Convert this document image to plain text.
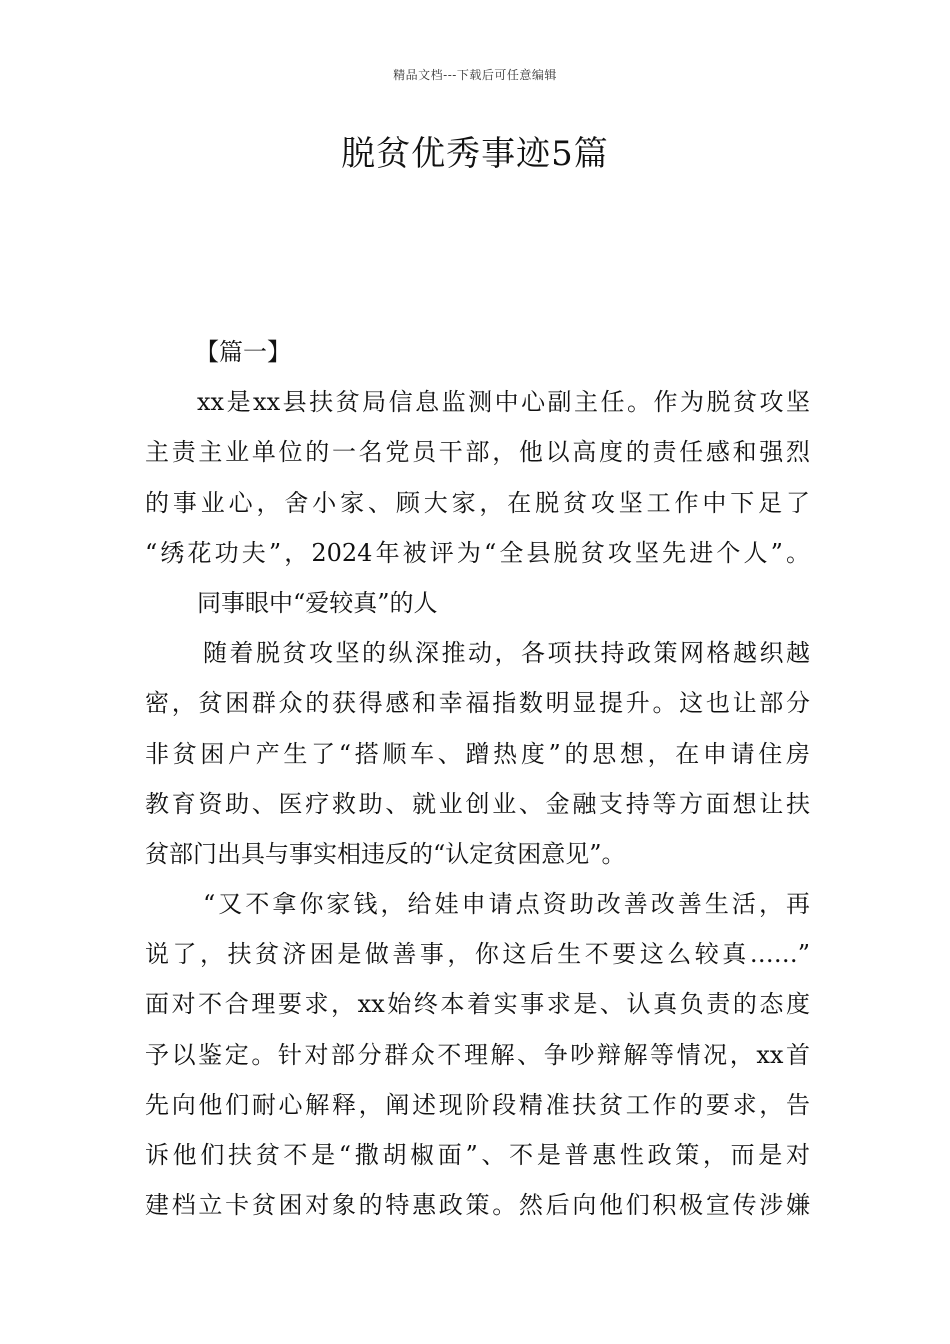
精品文档---下载后可任意编辑
脱贫优秀事迹5篇
【篇一】
xx是xx县扶贫局信息监测中心副主任。作为脱贫攻坚
主责主业单位的一名党员干部，他以高度的责任感和强烈
的事业心，舍小家、顾大家，在脱贫攻坚工作中下足了
“绣花功夫”，2024年被评为“全县脱贫攻坚先进个人”。
同事眼中“爱较真”的人
随着脱贫攻坚的纵深推动，各项扶持政策网格越织越
密，贫困群众的获得感和幸福指数明显提升。这也让部分
非贫困户产生了“搭顺车、蹭热度”的思想，在申请住房
教育资助、医疗救助、就业创业、金融支持等方面想让扶
贫部门出具与事实相违反的“认定贫困意见”。
“又不拿你家钱，给娃申请点资助改善改善生活，再
说了，扶贫济困是做善事，你这后生不要这么较真……”
面对不合理要求，xx始终本着实事求是、认真负责的态度
予以鉴定。针对部分群众不理解、争吵辩解等情况，xx首
先向他们耐心解释，阐述现阶段精准扶贫工作的要求，告
诉他们扶贫不是“撒胡椒面”、不是普惠性政策，而是对
建档立卡贫困对象的特惠政策。然后向他们积极宣传涉嫌
